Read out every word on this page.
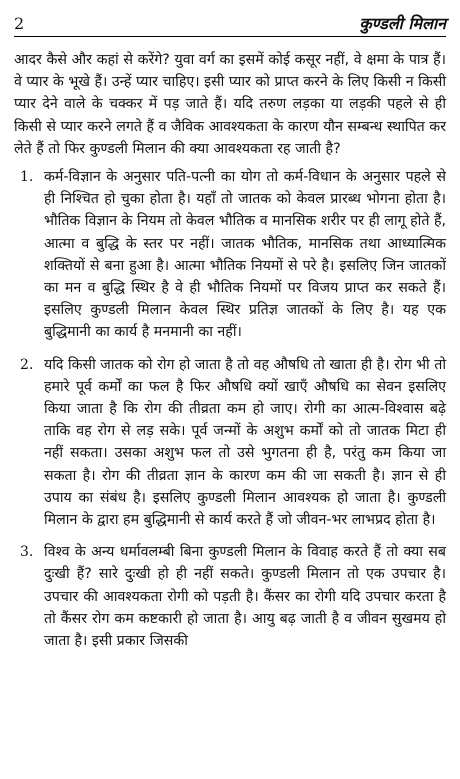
2	कुण्डली मिलान

आदर कैसे और कहां से करेंगे? युवा वर्ग का इसमें कोई कसूर नहीं, वे क्षमा के पात्र हैं। वे प्यार के भूखे हैं। उन्हें प्यार चाहिए। इसी प्यार को प्राप्त करने के लिए किसी न किसी प्यार देने वाले के चक्कर में पड़ जाते हैं। यदि तरुण लड़का या लड़की पहले से ही किसी से प्यार करने लगते हैं व जैविक आवश्यकता के कारण यौन सम्बन्ध स्थापित कर लेते हैं तो फिर कुण्डली मिलान की क्या आवश्यकता रह जाती है?

1. कर्म-विज्ञान के अनुसार पति-पत्नी का योग तो कर्म-विधान के अनुसार पहले से ही निश्चित हो चुका होता है। यहाँ तो जातक को केवल प्रारब्ध भोगना होता है। भौतिक विज्ञान के नियम तो केवल भौतिक व मानसिक शरीर पर ही लागू होते हैं, आत्मा व बुद्धि के स्तर पर नहीं। जातक भौतिक, मानसिक तथा आध्यात्मिक शक्तियों से बना हुआ है। आत्मा भौतिक नियमों से परे है। इसलिए जिन जातकों का मन व बुद्धि स्थिर है वे ही भौतिक नियमों पर विजय प्राप्त कर सकते हैं। इसलिए कुण्डली मिलान केवल स्थिर प्रतिज्ञ जातकों के लिए है। यह एक बुद्धिमानी का कार्य है मनमानी का नहीं।

2. यदि किसी जातक को रोग हो जाता है तो वह औषधि तो खाता ही है। रोग भी तो हमारे पूर्व कर्मों का फल है फिर औषधि क्यों खाएँ औषधि का सेवन इसलिए किया जाता है कि रोग की तीव्रता कम हो जाए। रोगी का आत्म-विश्वास बढ़े ताकि वह रोग से लड़ सके। पूर्व जन्मों के अशुभ कर्मों को तो जातक मिटा ही नहीं सकता। उसका अशुभ फल तो उसे भुगतना ही है, परंतु कम किया जा सकता है। रोग की तीव्रता ज्ञान के कारण कम की जा सकती है। ज्ञान से ही उपाय का संबंध है। इसलिए कुण्डली मिलान आवश्यक हो जाता है। कुण्डली मिलान के द्वारा हम बुद्धिमानी से कार्य करते हैं जो जीवन-भर लाभप्रद होता है।

3. विश्व के अन्य धर्मावलम्बी बिना कुण्डली मिलान के विवाह करते हैं तो क्या सब दुःखी हैं? सारे दुःखी हो ही नहीं सकते। कुण्डली मिलान तो एक उपचार है। उपचार की आवश्यकता रोगी को पड़ती है। कैंसर का रोगी यदि उपचार करता है तो कैंसर रोग कम कष्टकारी हो जाता है। आयु बढ़ जाती है व जीवन सुखमय हो जाता है। इसी प्रकार जिसकी
